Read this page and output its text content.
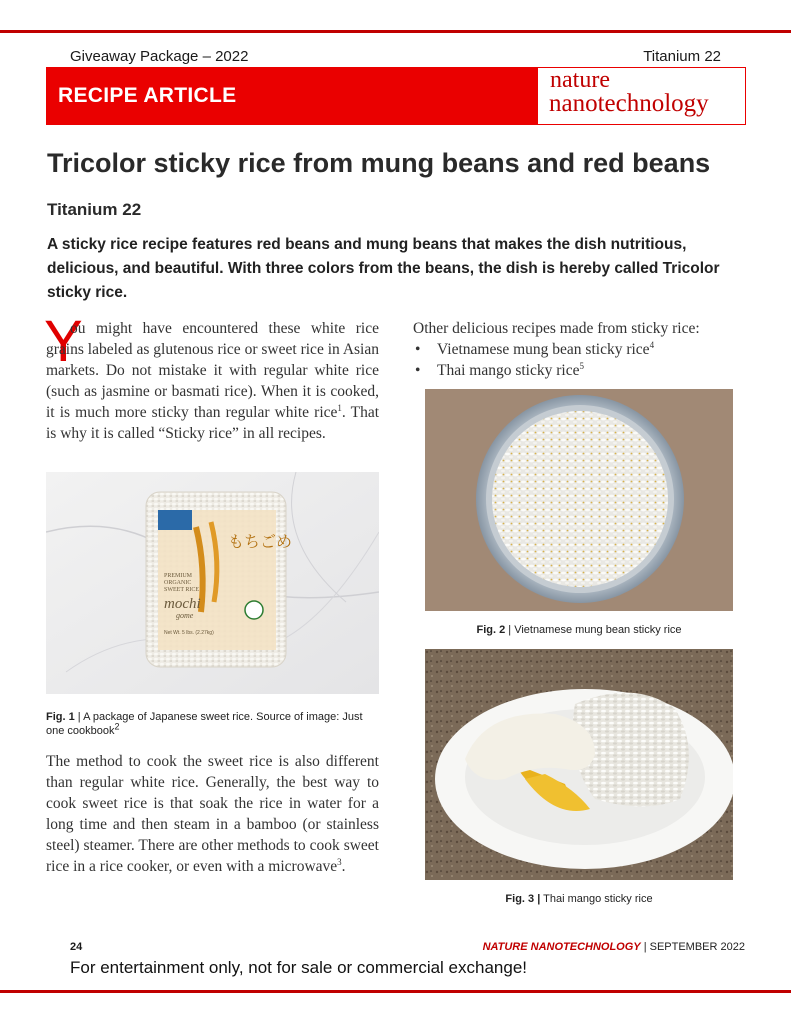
Giveaway Package – 2022	Titanium 22
RECIPE ARTICLE
nature
nanotechnology
Tricolor sticky rice from mung beans and red beans
Titanium 22
A sticky rice recipe features red beans and mung beans that makes the dish nutritious, delicious, and beautiful. With three colors from the beans, the dish is hereby called Tricolor sticky rice.
Y
ou might have encountered these white rice grains labeled as glutenous rice or sweet rice in Asian markets. Do not mistake it with regular white rice (such as jasmine or basmati rice). When it is cooked, it is much more sticky than regular white rice$^1$. That is why it is called “Sticky rice” in all recipes.
もちごめ
PREMIUM
ORGANIC
SWEET RICE
mochi
gome
Net Wt. 5 lbs. (2.27kg)
Fig. 1 | A package of Japanese sweet rice. Source of image: Just one cookbook$^2$
The method to cook the sweet rice is also different than regular white rice. Generally, the best way to cook sweet rice is that soak the rice in water for a long time and then steam in a bamboo (or stainless steel) steamer. There are other methods to cook sweet rice in a rice cooker, or even with a microwave$^3$.
Other delicious recipes made from sticky rice:
• Vietnamese mung bean sticky rice$^4$
• Thai mango sticky rice$^5$
Fig. 2 | Vietnamese mung bean sticky rice
Fig. 3 | Thai mango sticky rice
24	NATURE NANOTECHNOLOGY | SEPTEMBER 2022
For entertainment only, not for sale or commercial exchange!
